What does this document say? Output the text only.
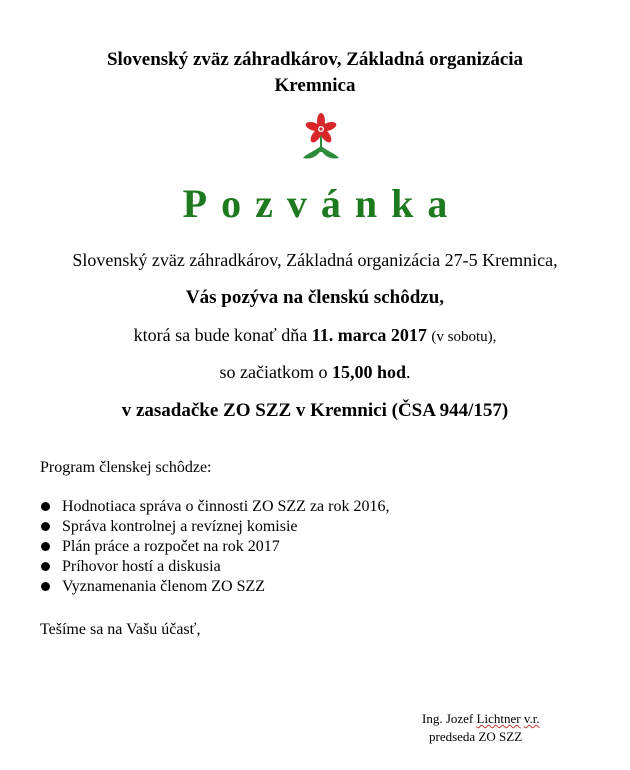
Slovenský zväz záhradkárov, Základná organizácia
Kremnica
Pozvánka
Slovenský zväz záhradkárov, Základná organizácia 27-5 Kremnica,
Vás pozýva na členskú schôdzu,
ktorá sa bude konať dňa 11. marca 2017 (v sobotu),
so začiatkom o 15,00 hod.
v zasadačke ZO SZZ v Kremnici (ČSA 944/157)
Program členskej schôdze:
Hodnotiaca správa o činnosti ZO SZZ za rok 2016,
Správa kontrolnej a revíznej komisie
Plán práce a rozpočet na rok 2017
Príhovor hostí a diskusia
Vyznamenania členom ZO SZZ
Tešíme sa na Vašu účasť,
Ing. Jozef Lichtner v.r.
predseda ZO SZZ
